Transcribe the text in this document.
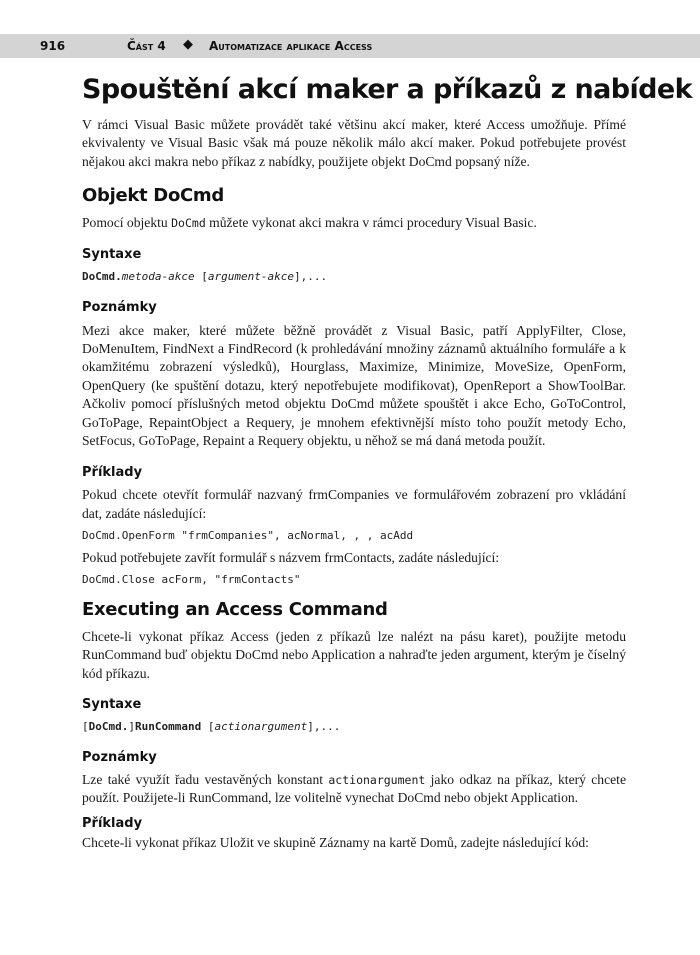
916	Část 4 ◆ Automatizace aplikace Access
Spouštění akcí maker a příkazů z nabídek

V rámci Visual Basic můžete provádět také většinu akcí maker, které Access umožňuje. Přímé ekvivalenty ve Visual Basic však má pouze několik málo akcí maker. Pokud potřebujete provést nějakou akci makra nebo příkaz z nabídky, použijete objekt DoCmd popsaný níže.

Objekt DoCmd

Pomocí objektu DoCmd můžete vykonat akci makra v rámci procedury Visual Basic.

Syntaxe
DoCmd.metoda-akce [argument-akce],...
Poznámky

Mezi akce maker, které můžete běžně provádět z Visual Basic, patří ApplyFilter, Close, DoMenuItem, FindNext a FindRecord (k prohledávání množiny záznamů aktuálního formuláře a k okamžitému zobrazení výsledků), Hourglass, Maximize, Minimize, MoveSize, OpenForm, OpenQuery (ke spuštění dotazu, který nepotřebujete modifikovat), OpenReport a ShowToolBar. Ačkoliv pomocí příslušných metod objektu DoCmd můžete spouštět i akce Echo, GoToControl, GoToPage, RepaintObject a Requery, je mnohem efektivnější místo toho použít metody Echo, SetFocus, GoToPage, Repaint a Requery objektu, u něhož se má daná metoda použít.

Příklady

Pokud chcete otevřít formulář nazvaný frmCompanies ve formulářovém zobrazení pro vkládání dat, zadáte následující:

DoCmd.OpenForm "frmCompanies", acNormal, , , acAdd

Pokud potřebujete zavřít formulář s názvem frmContacts, zadáte následující:

DoCmd.Close acForm, "frmContacts"
Executing an Access Command

Chcete-li vykonat příkaz Access (jeden z příkazů lze nalézt na pásu karet), použijte metodu RunCommand buď objektu DoCmd nebo Application a nahraďte jeden argument, kterým je číselný kód příkazu.

Syntaxe
[DoCmd.]RunCommand [actionargument],...
Poznámky

Lze také využít řadu vestavěných konstant actionargument jako odkaz na příkaz, který chcete použít. Použijete-li RunCommand, lze volitelně vynechat DoCmd nebo objekt Application.

Příklady

Chcete-li vykonat příkaz Uložit ve skupině Záznamy na kartě Domů, zadejte následující kód:
